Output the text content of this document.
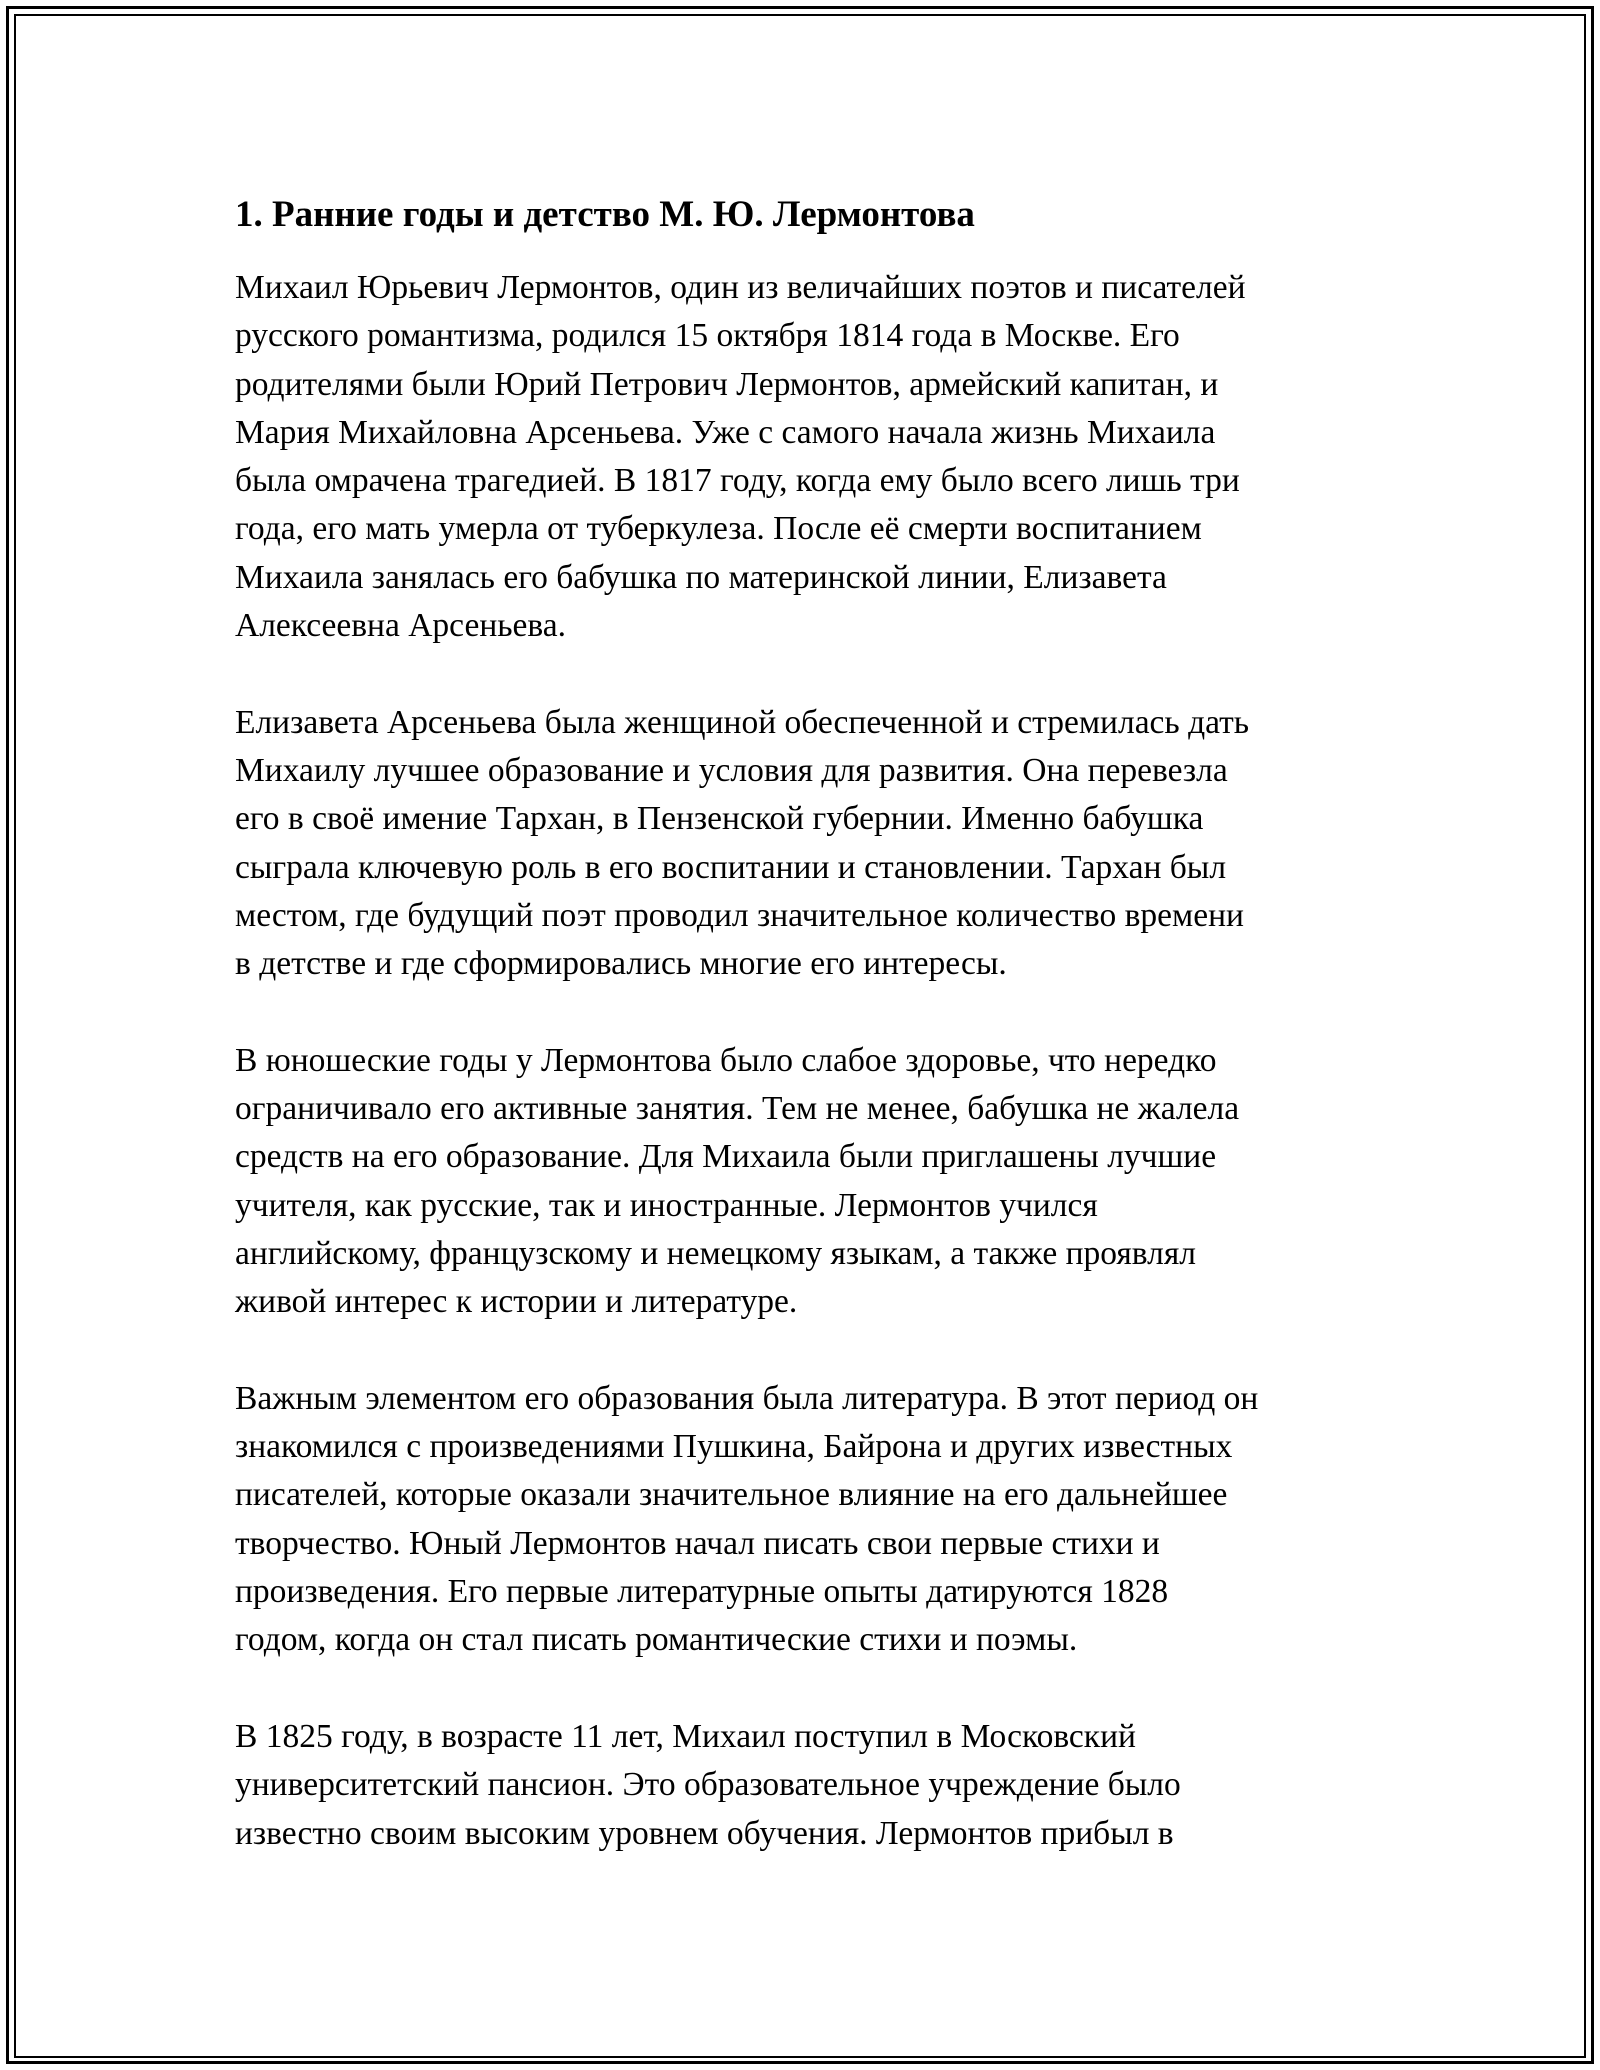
1. Ранние годы и детство М. Ю. Лермонтова

Михаил Юрьевич Лермонтов, один из величайших поэтов и писателей
русского романтизма, родился 15 октября 1814 года в Москве. Его
родителями были Юрий Петрович Лермонтов, армейский капитан, и
Мария Михайловна Арсеньева. Уже с самого начала жизнь Михаила
была омрачена трагедией. В 1817 году, когда ему было всего лишь три
года, его мать умерла от туберкулеза. После её смерти воспитанием
Михаила занялась его бабушка по материнской линии, Елизавета
Алексеевна Арсеньева.

Елизавета Арсеньева была женщиной обеспеченной и стремилась дать
Михаилу лучшее образование и условия для развития. Она перевезла
его в своё имение Тархан, в Пензенской губернии. Именно бабушка
сыграла ключевую роль в его воспитании и становлении. Тархан был
местом, где будущий поэт проводил значительное количество времени
в детстве и где сформировались многие его интересы.

В юношеские годы у Лермонтова было слабое здоровье, что нередко
ограничивало его активные занятия. Тем не менее, бабушка не жалела
средств на его образование. Для Михаила были приглашены лучшие
учителя, как русские, так и иностранные. Лермонтов учился
английскому, французскому и немецкому языкам, а также проявлял
живой интерес к истории и литературе.

Важным элементом его образования была литература. В этот период он
знакомился с произведениями Пушкина, Байрона и других известных
писателей, которые оказали значительное влияние на его дальнейшее
творчество. Юный Лермонтов начал писать свои первые стихи и
произведения. Его первые литературные опыты датируются 1828
годом, когда он стал писать романтические стихи и поэмы.

В 1825 году, в возрасте 11 лет, Михаил поступил в Московский
университетский пансион. Это образовательное учреждение было
известно своим высоким уровнем обучения. Лермонтов прибыл в
